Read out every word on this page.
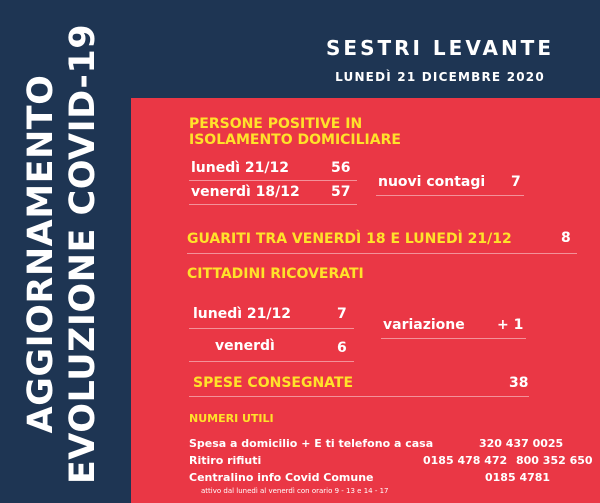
AGGIORNAMENTO EVOLUZIONE COVID-19	SESTRI LEVANTE
LUNEDÌ 21 DICEMBRE 2020
PERSONE POSITIVE IN
ISOLAMENTO DOMICILIARE
lunedì 21/12	56
venerdì 18/12 57
nuovi contagi 7
GUARITI TRA VENERDÌ 18 E LUNEDÌ 21/12	8
CITTADINI RICOVERATI
lunedì 21/12	7
venerdì	6
variazione + 1
SPESE CONSEGNATE	38
NUMERI UTILI
Spesa a domicilio + E ti telefono a casa	320 437 0025
Ritiro rifiuti	0185 478 472 800 352 650
Centralino info Covid Comune	0185 4781
attivo dal lunedì al venerdì con orario 9 - 13 e 14 - 17
